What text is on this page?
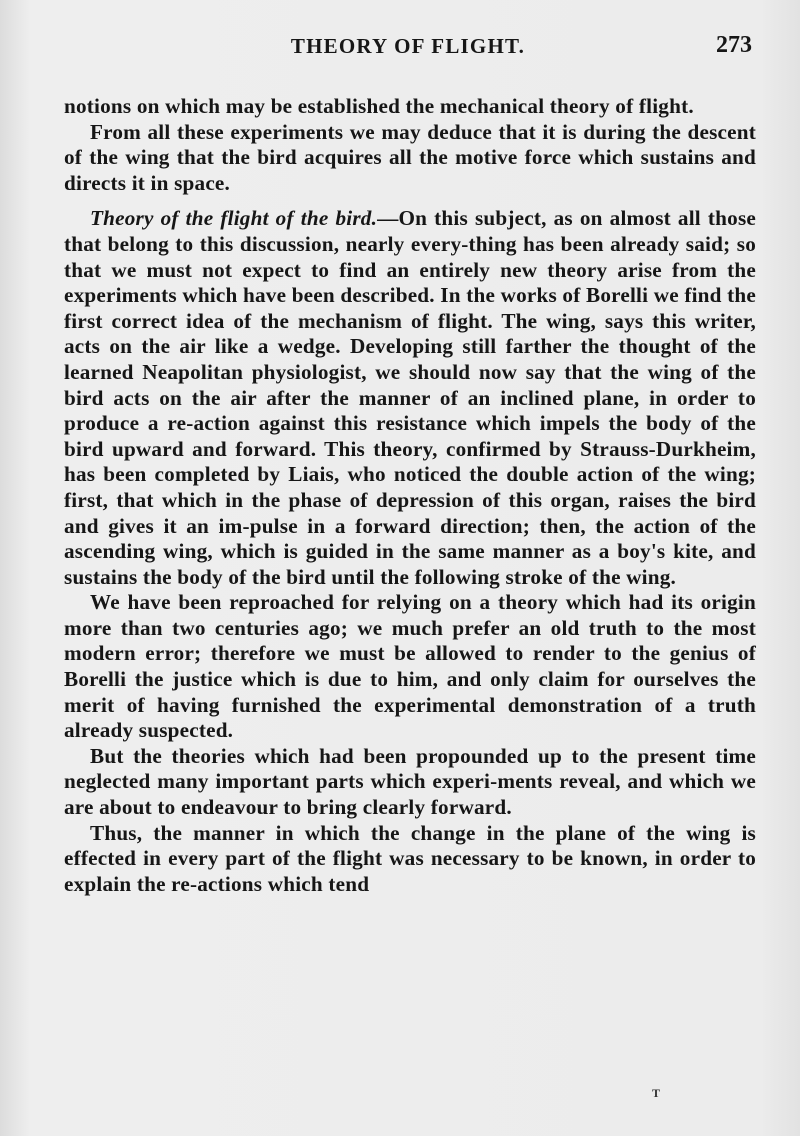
THEORY OF FLIGHT.	273

notions on which may be established the mechanical theory of flight.

From all these experiments we may deduce that it is during the descent of the wing that the bird acquires all the motive force which sustains and directs it in space.

Theory of the flight of the bird.—On this subject, as on almost all those that belong to this discussion, nearly every-thing has been already said; so that we must not expect to find an entirely new theory arise from the experiments which have been described. In the works of Borelli we find the first correct idea of the mechanism of flight. The wing, says this writer, acts on the air like a wedge. Developing still farther the thought of the learned Neapolitan physiologist, we should now say that the wing of the bird acts on the air after the manner of an inclined plane, in order to produce a re-action against this resistance which impels the body of the bird upward and forward. This theory, confirmed by Strauss-Durkheim, has been completed by Liais, who noticed the double action of the wing; first, that which in the phase of depression of this organ, raises the bird and gives it an im-pulse in a forward direction; then, the action of the ascending wing, which is guided in the same manner as a boy's kite, and sustains the body of the bird until the following stroke of the wing.

We have been reproached for relying on a theory which had its origin more than two centuries ago; we much prefer an old truth to the most modern error; therefore we must be allowed to render to the genius of Borelli the justice which is due to him, and only claim for ourselves the merit of having furnished the experimental demonstration of a truth already suspected.

But the theories which had been propounded up to the present time neglected many important parts which experi-ments reveal, and which we are about to endeavour to bring clearly forward.

Thus, the manner in which the change in the plane of the wing is effected in every part of the flight was necessary to be known, in order to explain the re-actions which tend

T
